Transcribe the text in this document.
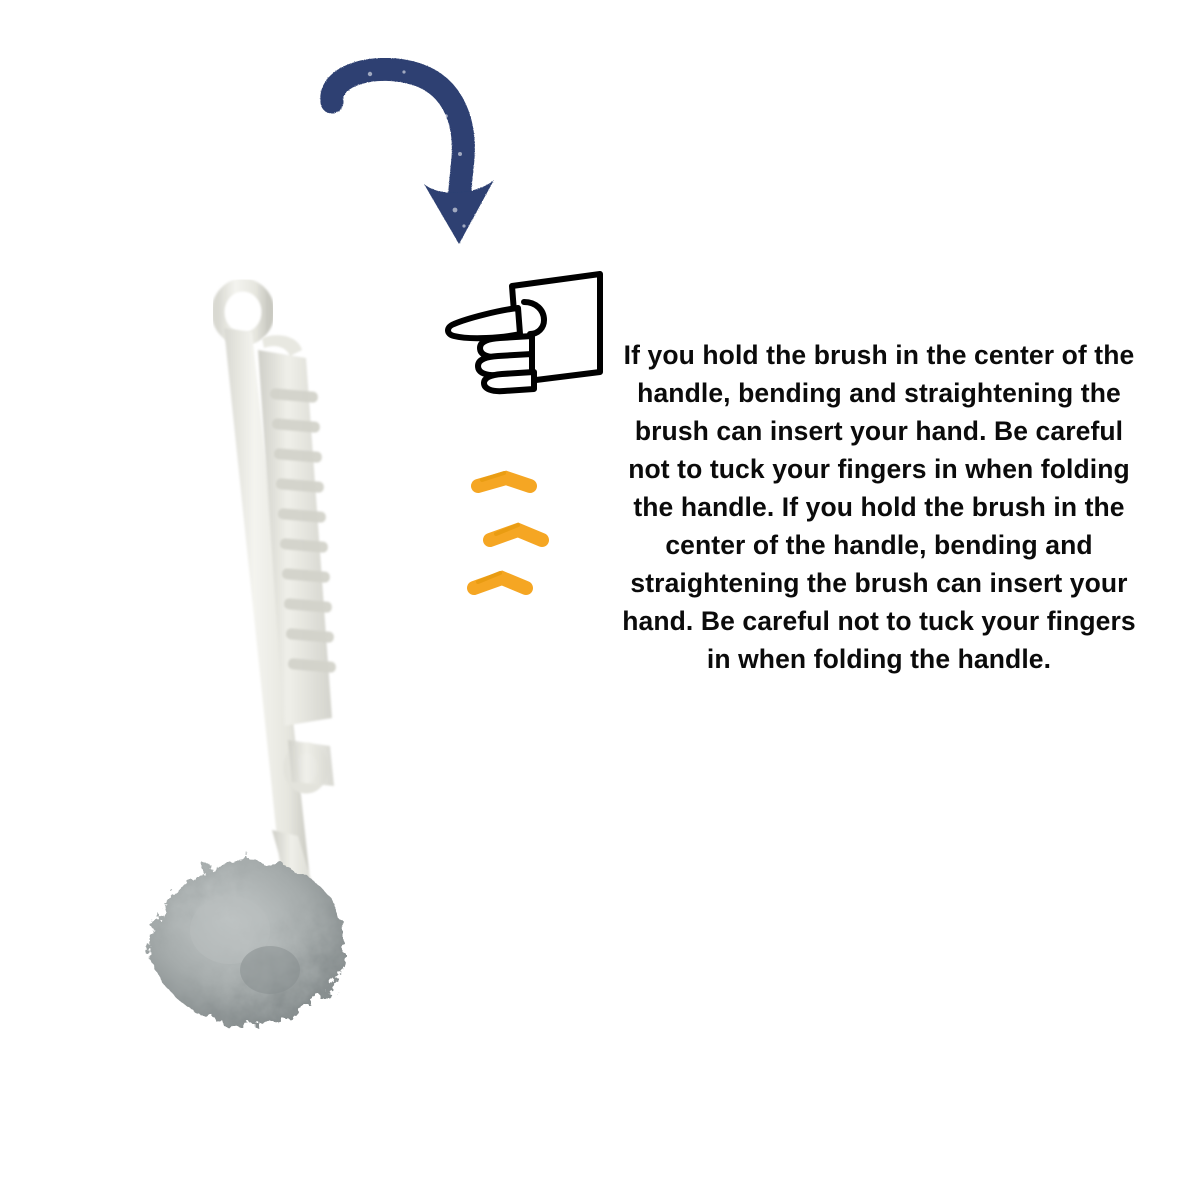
If you hold the brush in the center of the handle, bending and straightening the brush can insert your hand. Be careful not to tuck your fingers in when folding the handle. If you hold the brush in the center of the handle, bending and straightening the brush can insert your hand. Be careful not to tuck your fingers in when folding the handle.
